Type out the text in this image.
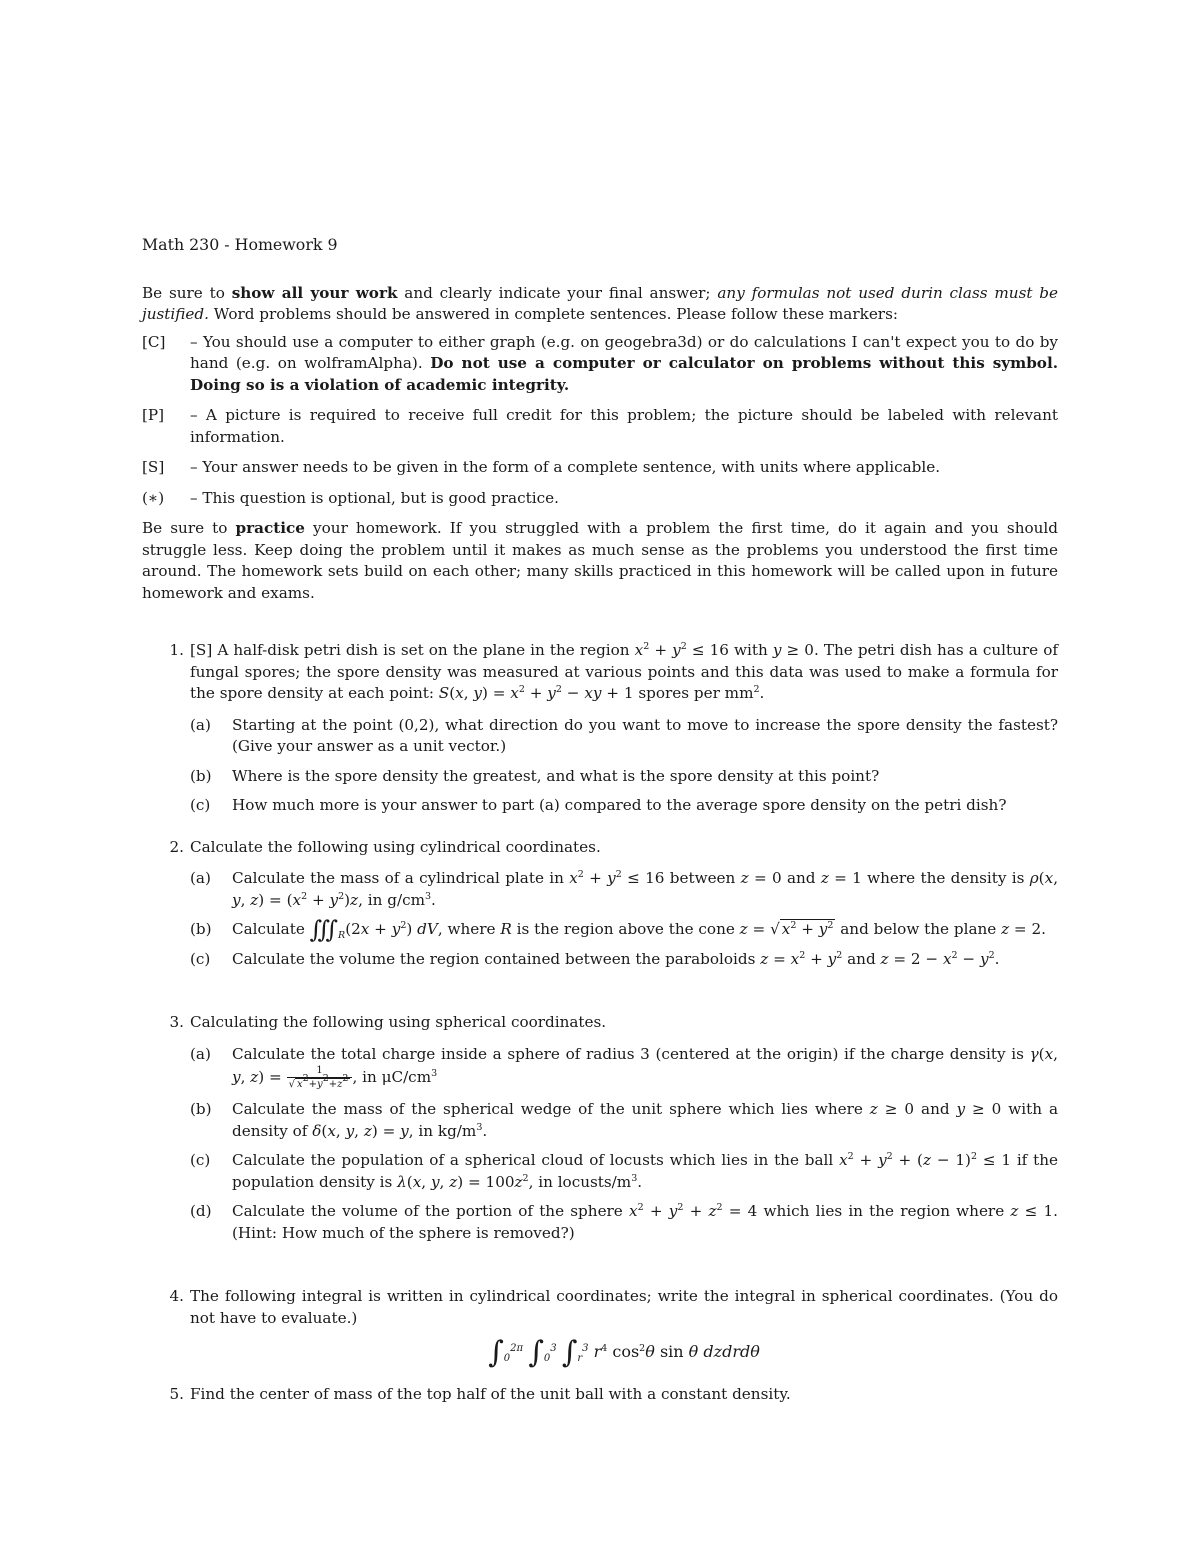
Math 230 - Homework 9

Be sure to show all your work and clearly indicate your final answer; any formulas not used durin class must be justified. Word problems should be answered in complete sentences. Please follow these markers:

[C]	– You should use a computer to either graph (e.g. on geogebra3d) or do calculations I can't expect you to do by hand (e.g. on wolframAlpha). Do not use a computer or calculator on problems without this symbol. Doing so is a violation of academic integrity.
[P]	– A picture is required to receive full credit for this problem; the picture should be labeled with relevant information.
[S]	– Your answer needs to be given in the form of a complete sentence, with units where applicable.
(∗)	– This question is optional, but is good practice.

Be sure to practice your homework. If you struggled with a problem the first time, do it again and you should struggle less. Keep doing the problem until it makes as much sense as the problems you understood the first time around. The homework sets build on each other; many skills practiced in this homework will be called upon in future homework and exams.

1. [S] A half-disk petri dish is set on the plane in the region $x^2 + y^2 \le 16$ with y ≥ 0. The petri dish has a culture of fungal spores; the spore density was measured at various points and this data was used to make a formula for the spore density at each point: S(x, $y) = x^2 + y^2$ − xy + 1 spores per $mm^2$.
(a)	Starting at the point (0,2), what direction do you want to move to increase the spore density the fastest? (Give your answer as a unit vector.)
(b)	Where is the spore density the greatest, and what is the spore density at this point?
(c)	How much more is your answer to part (a) compared to the average spore density on the petri dish?
2. Calculate the following using cylindrical coordinates.
(a)	Calculate the mass of a cylindrical plate in $x^2 + y^2 \le 16$ between z = 0 and z = 1 where the density is ρ(x, y, $z) = (x^2 + y^2)z$, in $g/cm^3$.
(b)	Calculate $∭_R(2x + y^2)$ dV, where R is the region above the cone z = √ $x^2 + y^2$ and below the plane z = 2.
(c)	Calculate the volume the region contained between the paraboloids $z = x^2 + y^2$ and $z = 2 - x^2 - y^2$.
3. Calculating the following using spherical coordinates.
(a)	Calculate the total charge inside a sphere of radius 3 (centered at the origin) if the charge density is γ(x, y, $z) = \frac{1}{√ x^2+y^2+z^2}$ , in $\mu C/cm^3$
(b)	Calculate the mass of the spherical wedge of the unit sphere which lies where z ≥ 0 and y ≥ 0 with a density of δ(x, y, z) = y, in $kg/m^3$.
(c)	Calculate the population of a spherical cloud of locusts which lies in the ball $x^2 + y^2 + (z - 1)^2 \le 1$ if the population density is λ(x, y, $z) = 100z^2$, in locusts/$m^3$.
(d)	Calculate the volume of the portion of the sphere $x^2 + y^2 + z^2 = 4$ which lies in the region where z ≤ 1. (Hint: How much of the sphere is removed?)
4. The following integral is written in cylindrical coordinates; write the integral in spherical coordinates. (You do not have to evaluate.)
$\int_0^{2\pi}$ $\int_0^3$ $\int_r^3$ $r^4$ $\cos^2\theta$ sin θ dzdrdθ
5. Find the center of mass of the top half of the unit ball with a constant density.
